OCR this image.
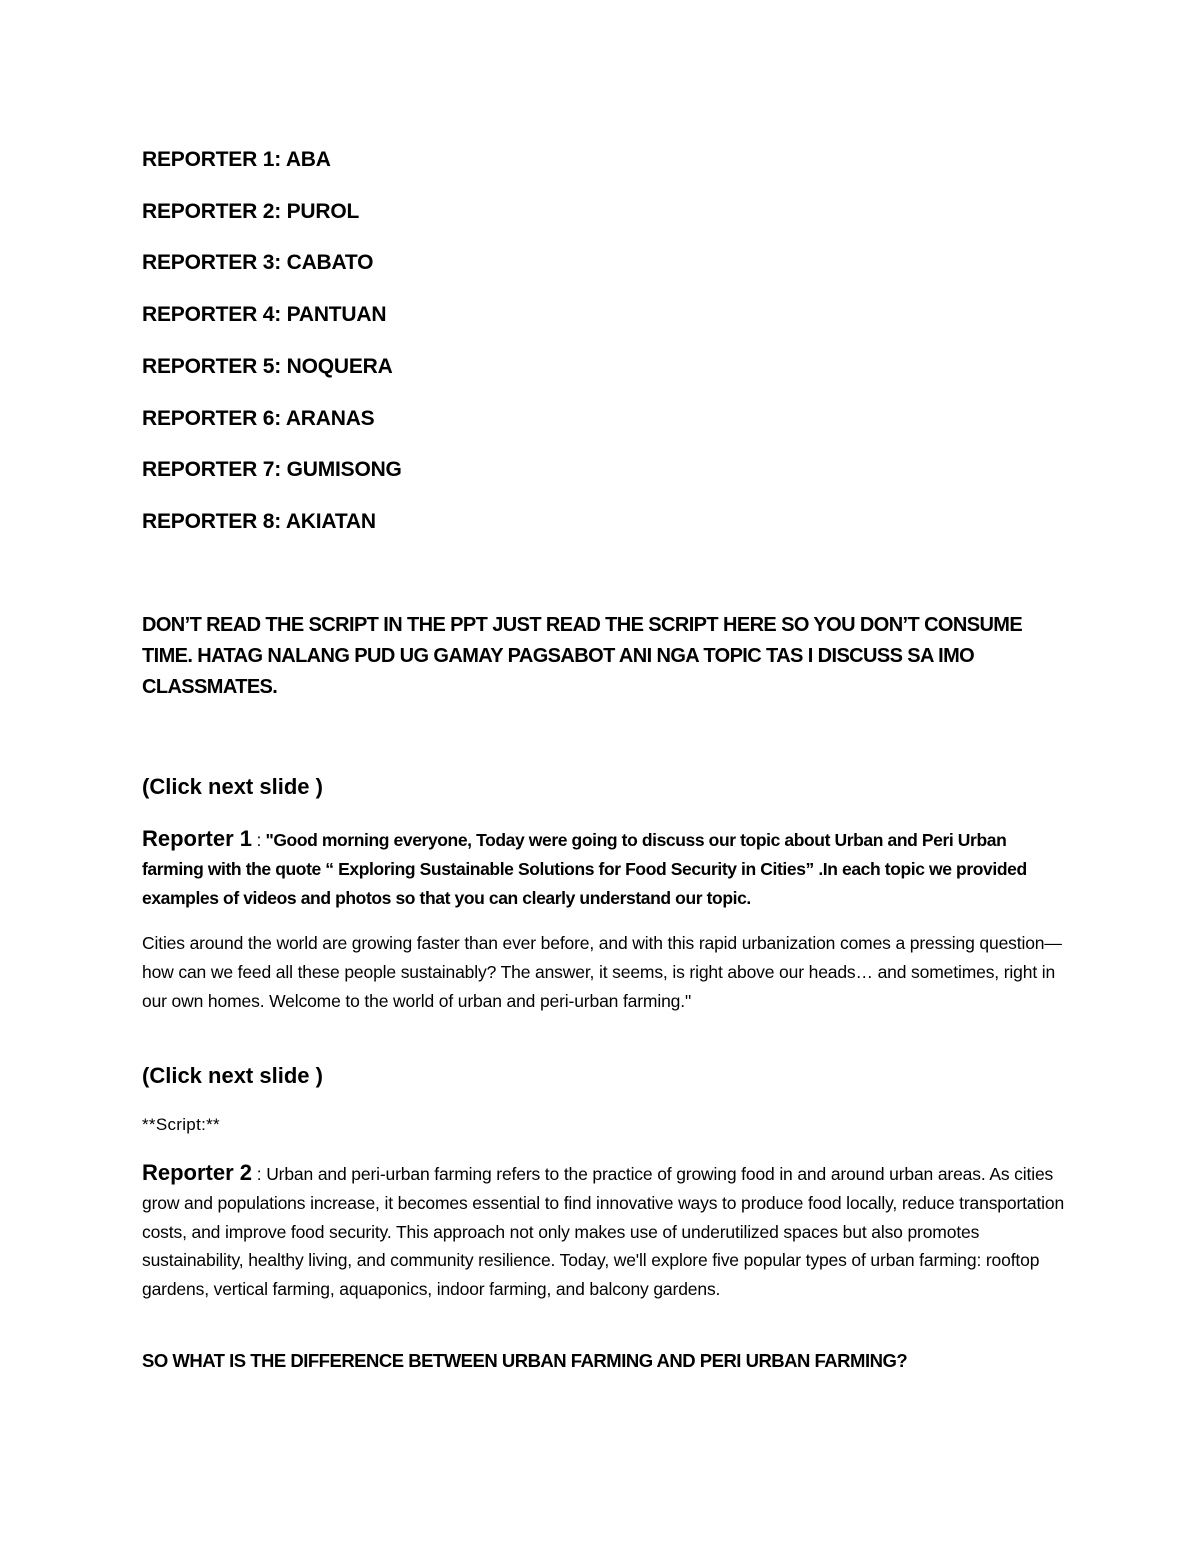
REPORTER 1: ABA
REPORTER 2: PUROL
REPORTER 3: CABATO
REPORTER 4: PANTUAN
REPORTER 5: NOQUERA
REPORTER 6: ARANAS
REPORTER 7: GUMISONG
REPORTER 8: AKIATAN
DON’T READ THE SCRIPT IN THE PPT JUST READ THE SCRIPT HERE SO YOU DON’T CONSUME TIME. HATAG NALANG PUD UG GAMAY PAGSABOT ANI NGA TOPIC TAS I DISCUSS SA IMO CLASSMATES.
(Click next slide )
Reporter 1 : "Good morning everyone, Today were going to discuss our topic about Urban and Peri Urban farming with the quote “ Exploring Sustainable Solutions for Food Security in Cities” .In each topic we provided examples of videos and photos so that you can clearly understand our topic.
Cities around the world are growing faster than ever before, and with this rapid urbanization comes a pressing question—how can we feed all these people sustainably? The answer, it seems, is right above our heads… and sometimes, right in our own homes. Welcome to the world of urban and peri-urban farming."
(Click next slide )
**Script:**
Reporter 2 : Urban and peri-urban farming refers to the practice of growing food in and around urban areas. As cities grow and populations increase, it becomes essential to find innovative ways to produce food locally, reduce transportation costs, and improve food security. This approach not only makes use of underutilized spaces but also promotes sustainability, healthy living, and community resilience. Today, we'll explore five popular types of urban farming: rooftop gardens, vertical farming, aquaponics, indoor farming, and balcony gardens.
SO WHAT IS THE DIFFERENCE BETWEEN URBAN FARMING AND PERI URBAN FARMING?
